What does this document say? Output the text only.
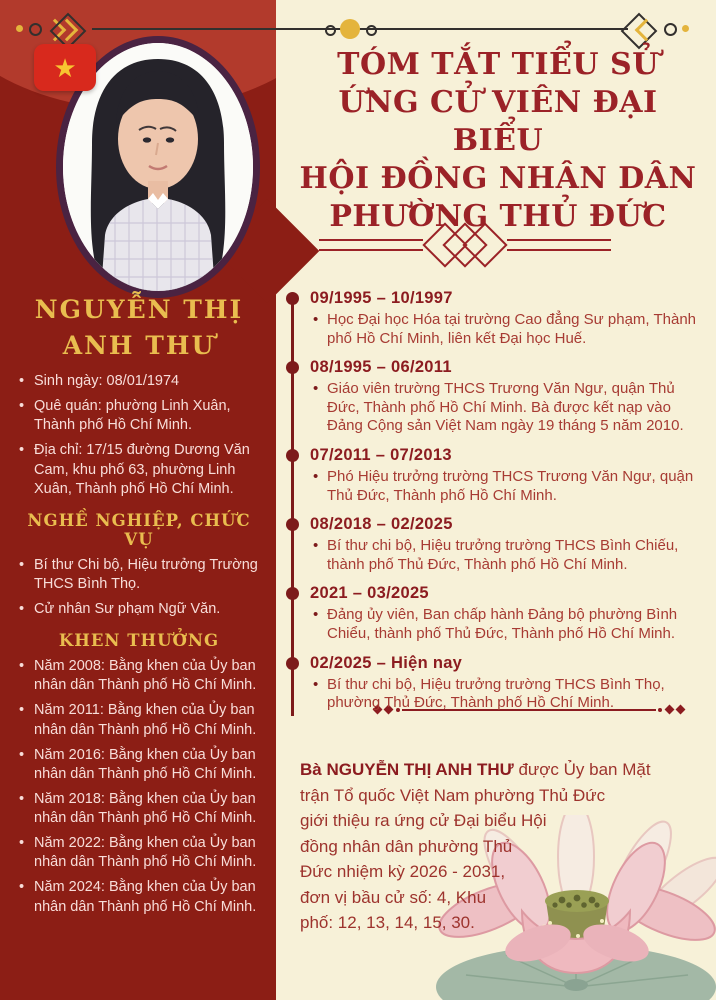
★
NGUYỄN THỊ
ANH THƯ
• Sinh ngày: 08/01/1974
• Quê quán: phường Linh Xuân, Thành phố Hồ Chí Minh.
• Địa chỉ: 17/15 đường Dương Văn Cam, khu phố 63, phường Linh Xuân, Thành phố Hồ Chí Minh.
NGHỀ NGHIỆP, CHỨC VỤ
• Bí thư Chi bộ, Hiệu trưởng Trường THCS Bình Thọ.
• Cử nhân Sư phạm Ngữ Văn.
KHEN THƯỞNG
• Năm 2008: Bằng khen của Ủy ban nhân dân Thành phố Hồ Chí Minh.
• Năm 2011: Bằng khen của Ủy ban nhân dân Thành phố Hồ Chí Minh.
• Năm 2016: Bằng khen của Ủy ban nhân dân Thành phố Hồ Chí Minh.
• Năm 2018: Bằng khen của Ủy ban nhân dân Thành phố Hồ Chí Minh.
• Năm 2022: Bằng khen của Ủy ban nhân dân Thành phố Hồ Chí Minh.
• Năm 2024: Bằng khen của Ủy ban nhân dân Thành phố Hồ Chí Minh.
TÓM TẮT TIỂU SỬ
ỨNG CỬ VIÊN ĐẠI BIỂU
HỘI ĐỒNG NHÂN DÂN
PHƯỜNG THỦ ĐỨC
09/1995 – 10/1997
• Học Đại học Hóa tại trường Cao đẳng Sư phạm, Thành phố Hồ Chí Minh, liên kết Đại học Huế.
08/1995 – 06/2011
• Giáo viên trường THCS Trương Văn Ngư, quận Thủ Đức, Thành phố Hồ Chí Minh. Bà được kết nạp vào Đảng Cộng sản Việt Nam ngày 19 tháng 5 năm 2010.
07/2011 – 07/2013
• Phó Hiệu trưởng trường THCS Trương Văn Ngư, quận Thủ Đức, Thành phố Hồ Chí Minh.
08/2018 – 02/2025
• Bí thư chi bộ, Hiệu trưởng trường THCS Bình Chiếu, thành phố Thủ Đức, Thành phố Hồ Chí Minh.
2021 – 03/2025
• Đảng ủy viên, Ban chấp hành Đảng bộ phường Bình Chiểu, thành phố Thủ Đức, Thành phố Hồ Chí Minh.
02/2025 – Hiện nay
• Bí thư chi bộ, Hiệu trưởng trường THCS Bình Thọ, phường Thủ Đức, Thành phố Hồ Chí Minh.

Bà NGUYỄN THỊ ANH THƯ được Ủy ban Mặt trận Tổ quốc Việt Nam phường Thủ Đức giới thiệu ra ứng cử Đại biểu Hội đồng nhân dân phường Thủ Đức nhiệm kỳ 2026 - 2031, đơn vị bầu cử số: 4, Khu phố: 12, 13, 14, 15, 30.
